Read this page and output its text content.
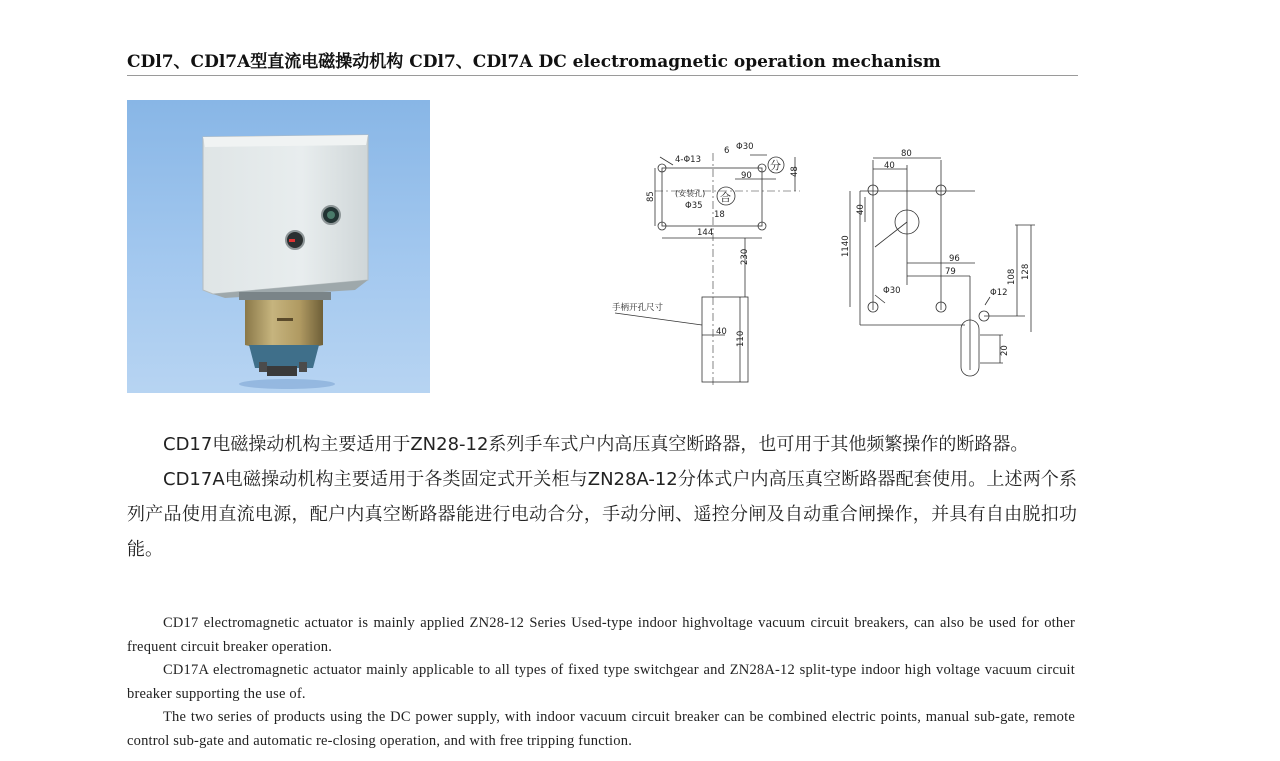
CDl7、CDl7A型直流电磁操动机构 CDl7、CDl7A DC electromagnetic operation mechanism
4-Φ13
6 Φ30
分
合
90	48
85 (安装孔)
Φ35
18
144
230
手柄开孔尺寸
40 110
80
40
40
1140
96
79	108 128
Φ30	Φ12
20

CD17电磁操动机构主要适用于ZN28-12系列手车式户内高压真空断路器，也可用于其他频繁操作的断路器。

CD17A电磁操动机构主要适用于各类固定式开关柜与ZN28A-12分体式户内高压真空断路器配套使用。上述两个系列产品使用直流电源，配户内真空断路器能进行电动合分，手动分闸、遥控分闸及自动重合闸操作，并具有自由脱扣功能。

CD17 electromagnetic actuator is mainly applied ZN28-12 Series Used-type indoor highvoltage vacuum circuit breakers, can also be used for other frequent circuit breaker operation.

CD17A electromagnetic actuator mainly applicable to all types of fixed type switchgear and ZN28A-12 split-type indoor high voltage vacuum circuit breaker supporting the use of.

The two series of products using the DC power supply, with indoor vacuum circuit breaker can be combined electric points, manual sub-gate, remote control sub-gate and automatic re-closing operation, and with free tripping function.
